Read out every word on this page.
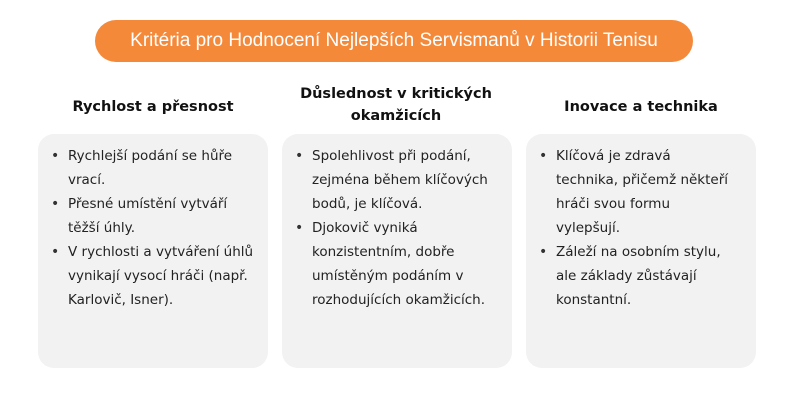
Kritéria pro Hodnocení Nejlepších Servismanů v Historii Tenisu
Rychlost a přesnost
• Rychlejší podání se hůře vrací.
• Přesné umístění vytváří těžší úhly.
• V rychlosti a vytváření úhlů vynikají vysocí hráči (např. Karlovič, Isner).
Důslednost v kritických okamžicích
• Spolehlivost při podání, zejména během klíčových bodů, je klíčová.
• Djokovič vyniká konzistentním, dobře umístěným podáním v rozhodujících okamžicích.
Inovace a technika
• Klíčová je zdravá technika, přičemž někteří hráči svou formu vylepšují.
• Záleží na osobním stylu, ale základy zůstávají konstantní.
